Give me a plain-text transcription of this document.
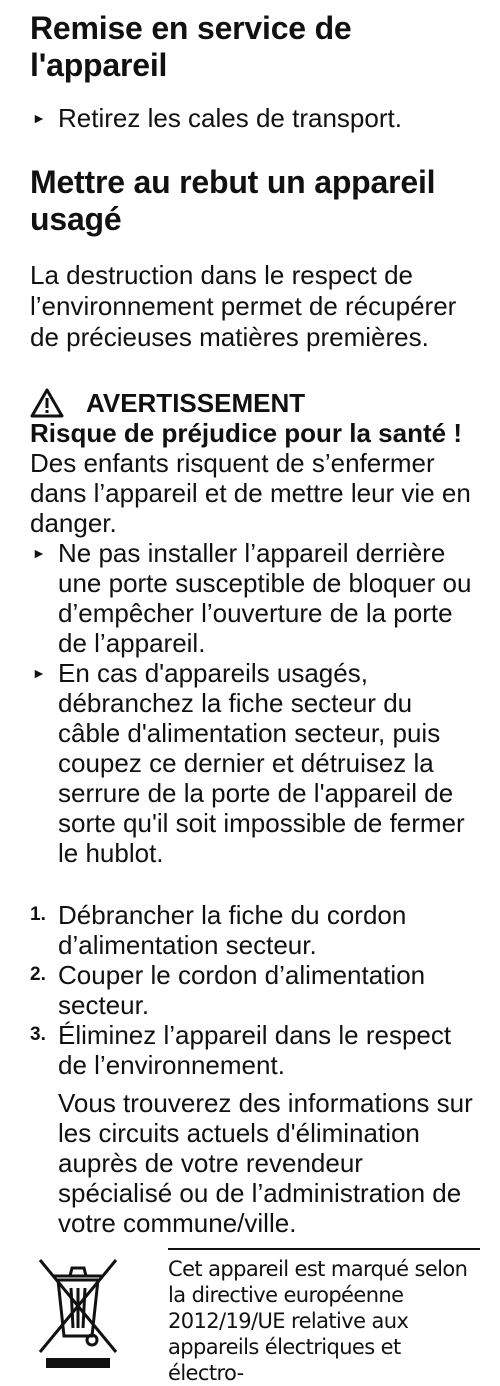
Remise en service de l'appareil
► Retirez les cales de transport.
Mettre au rebut un appareil usagé

La destruction dans le respect de l’environnement permet de récupérer de précieuses matières premières.

AVERTISSEMENT

Risque de préjudice pour la santé !

Des enfants risquent de s’enfermer dans l’appareil et de mettre leur vie en danger.

► Ne pas installer l’appareil derrière une porte susceptible de bloquer ou d’empêcher l’ouverture de la porte de l’appareil.
► En cas d'appareils usagés, débranchez la fiche secteur du câble d'alimentation secteur, puis coupez ce dernier et détruisez la serrure de la porte de l'appareil de sorte qu'il soit impossible de fermer le hublot.
1. Débrancher la fiche du cordon d’alimentation secteur.
2. Couper le cordon d’alimentation secteur.
3. Éliminez l’appareil dans le respect de l’environnement.

Vous trouverez des informations sur les circuits actuels d'élimination auprès de votre revendeur spécialisé ou de l’administration de votre commune/ville.

Cet appareil est marqué selon la directive européenne 2012/19/UE relative aux appareils électriques et électro-
